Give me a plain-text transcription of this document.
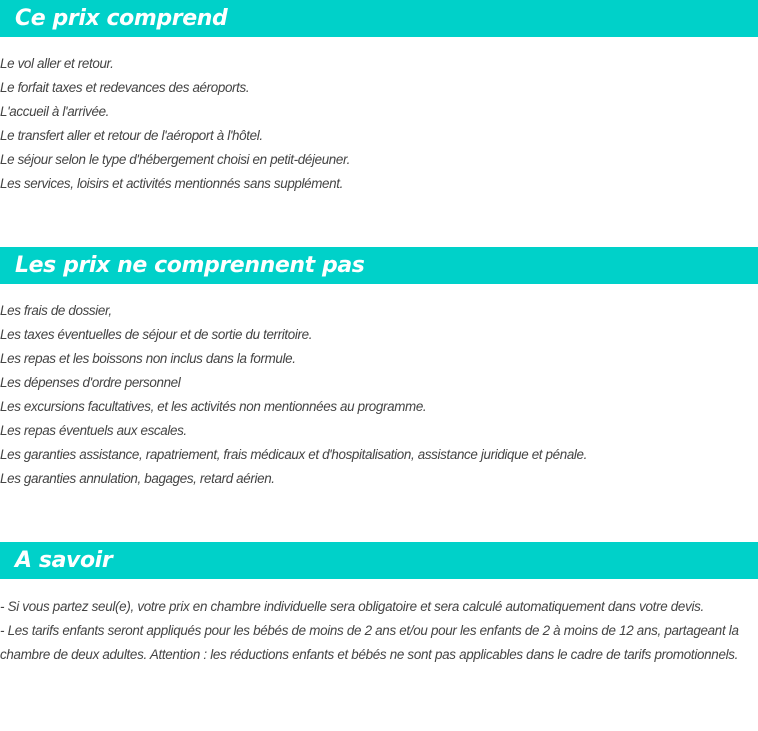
Ce prix comprend
Le vol aller et retour.
Le forfait taxes et redevances des aéroports.
L'accueil à l'arrivée.
Le transfert aller et retour de l'aéroport à l'hôtel.
Le séjour selon le type d'hébergement choisi en petit-déjeuner.
Les services, loisirs et activités mentionnés sans supplément.
Les prix ne comprennent pas
Les frais de dossier,
Les taxes éventuelles de séjour et de sortie du territoire.
Les repas et les boissons non inclus dans la formule.
Les dépenses d'ordre personnel
Les excursions facultatives, et les activités non mentionnées au programme.
Les repas éventuels aux escales.
Les garanties assistance, rapatriement, frais médicaux et d'hospitalisation, assistance juridique et pénale.
Les garanties annulation, bagages, retard aérien.
A savoir

- Si vous partez seul(e), votre prix en chambre individuelle sera obligatoire et sera calculé automatiquement dans votre devis.

- Les tarifs enfants seront appliqués pour les bébés de moins de 2 ans et/ou pour les enfants de 2 à moins de 12 ans, partageant la chambre de deux adultes. Attention : les réductions enfants et bébés ne sont pas applicables dans le cadre de tarifs promotionnels.
